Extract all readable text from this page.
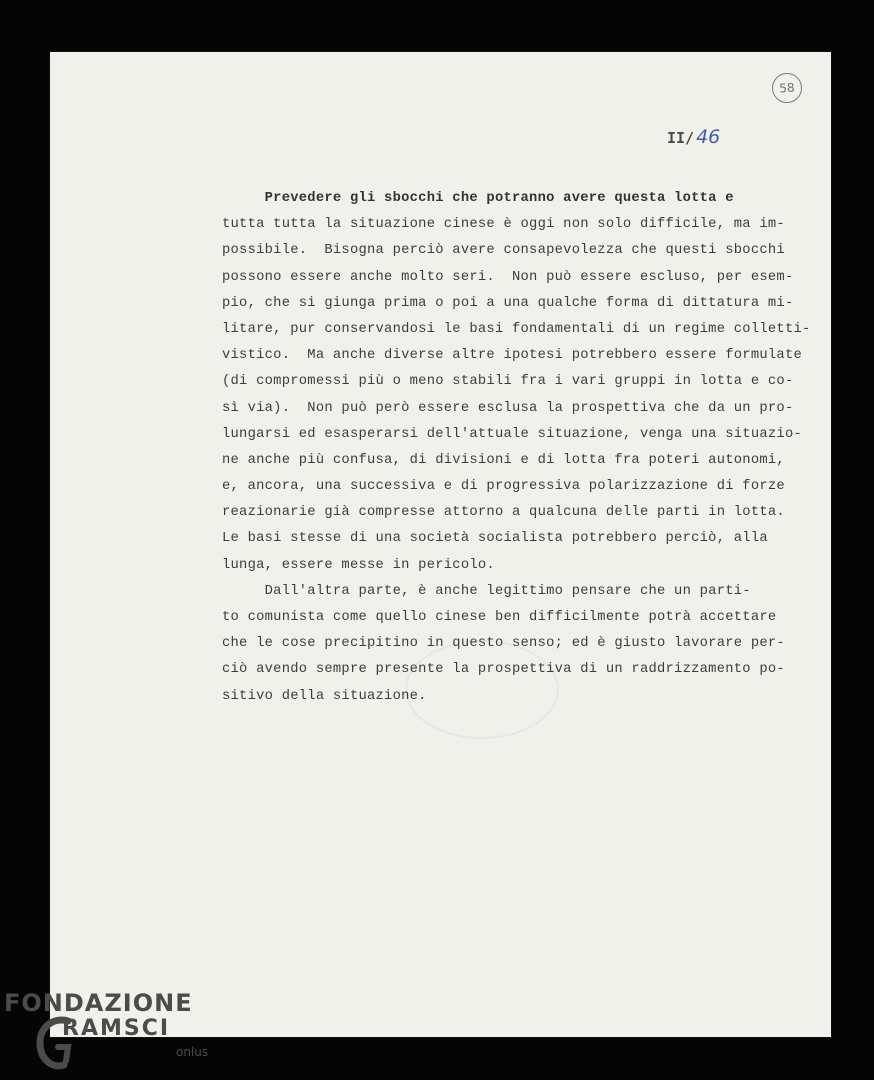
58
II/ 46
Prevedere gli sbocchi che potranno avere questa lotta e
tutta tutta la situazione cinese è oggi non solo difficile, ma im-
possibile.  Bisogna perciò avere consapevolezza che questi sbocchi
possono essere anche molto seri.  Non può essere escluso, per esem-
pio, che si giunga prima o poi a una qualche forma di dittatura mi-
litare, pur conservandosi le basi fondamentali di un regime colletti-
vistico.  Ma anche diverse altre ipotesi potrebbero essere formulate
(di compromessi più o meno stabili fra i vari gruppi in lotta e co-
sì via).  Non può però essere esclusa la prospettiva che da un pro-
lungarsi ed esasperarsi dell'attuale situazione, venga una situazio-
ne anche più confusa, di divisioni e di lotta fra poteri autonomi,
e, ancora, una successiva e di progressiva polarizzazione di forze
reazionarie già compresse attorno a qualcuna delle parti in lotta.
Le basi stesse di una società socialista potrebbero perciò, alla
lunga, essere messe in pericolo.
Dall'altra parte, è anche legittimo pensare che un parti-
to comunista come quello cinese ben difficilmente potrà accettare
che le cose precipitino in questo senso; ed è giusto lavorare per-
ciò avendo sempre presente la prospettiva di un raddrizzamento po-
sitivo della situazione.
FONDAZIONE
RAMSCI
onlus
